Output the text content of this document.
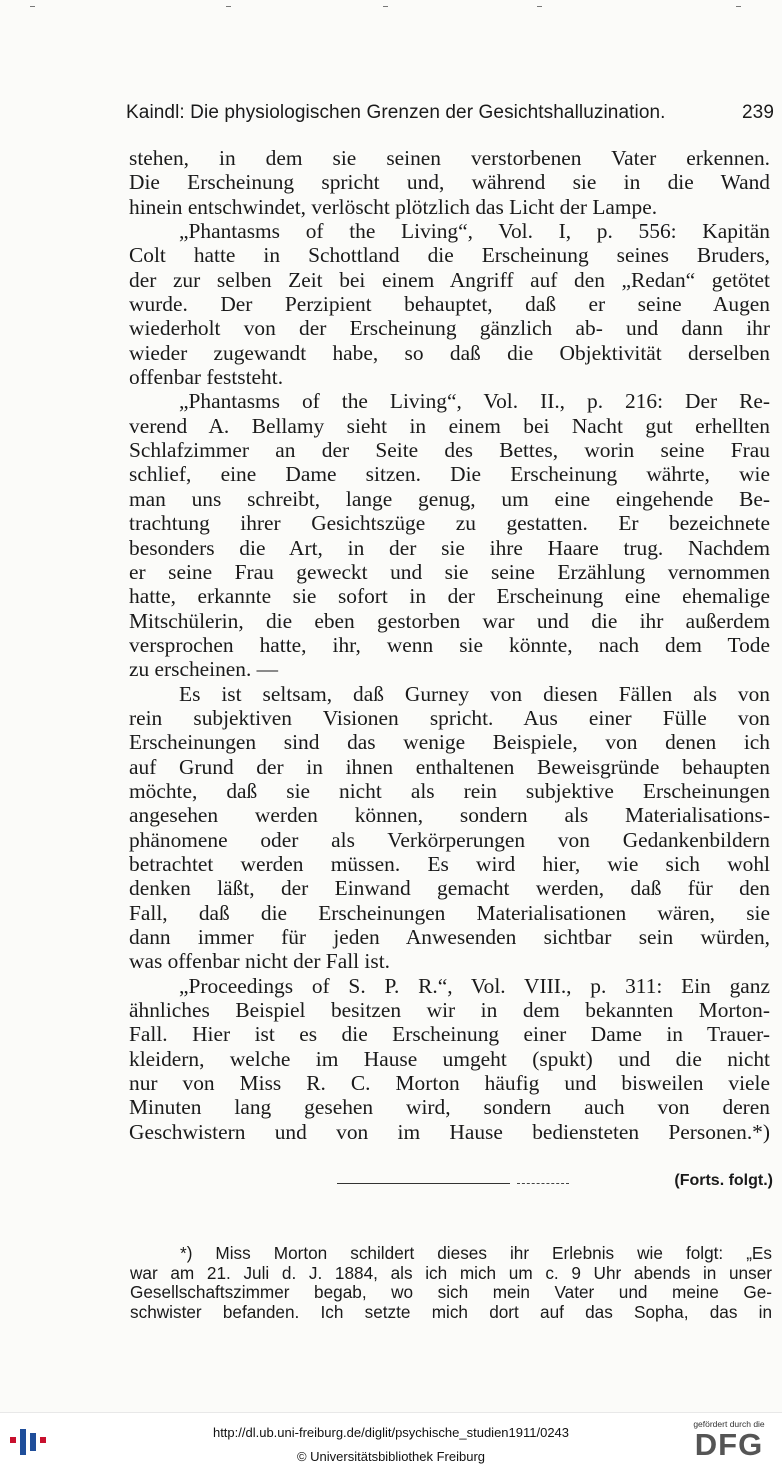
Kaindl: Die physiologischen Grenzen der Gesichtshalluzination.	239
stehen, in dem sie seinen verstorbenen Vater erkennen.
Die Erscheinung spricht und, während sie in die Wand
hinein entschwindet, verlöscht plötzlich das Licht der Lampe.
„Phantasms of the Living“, Vol. I, p. 556: Kapitän
Colt hatte in Schottland die Erscheinung seines Bruders,
der zur selben Zeit bei einem Angriff auf den „Redan“ getötet
wurde. Der Perzipient behauptet, daß er seine Augen
wiederholt von der Erscheinung gänzlich ab- und dann ihr
wieder zugewandt habe, so daß die Objektivität derselben
offenbar feststeht.
„Phantasms of the Living“, Vol. II., p. 216: Der Re-
verend A. Bellamy sieht in einem bei Nacht gut erhellten
Schlafzimmer an der Seite des Bettes, worin seine Frau
schlief, eine Dame sitzen. Die Erscheinung währte, wie
man uns schreibt, lange genug, um eine eingehende Be-
trachtung ihrer Gesichtszüge zu gestatten. Er bezeichnete
besonders die Art, in der sie ihre Haare trug. Nachdem
er seine Frau geweckt und sie seine Erzählung vernommen
hatte, erkannte sie sofort in der Erscheinung eine ehemalige
Mitschülerin, die eben gestorben war und die ihr außerdem
versprochen hatte, ihr, wenn sie könnte, nach dem Tode
zu erscheinen. —
Es ist seltsam, daß Gurney von diesen Fällen als von
rein subjektiven Visionen spricht. Aus einer Fülle von
Erscheinungen sind das wenige Beispiele, von denen ich
auf Grund der in ihnen enthaltenen Beweisgründe behaupten
möchte, daß sie nicht als rein subjektive Erscheinungen
angesehen werden können, sondern als Materialisations-
phänomene oder als Verkörperungen von Gedankenbildern
betrachtet werden müssen. Es wird hier, wie sich wohl
denken läßt, der Einwand gemacht werden, daß für den
Fall, daß die Erscheinungen Materialisationen wären, sie
dann immer für jeden Anwesenden sichtbar sein würden,
was offenbar nicht der Fall ist.
„Proceedings of S. P. R.“, Vol. VIII., p. 311: Ein ganz
ähnliches Beispiel besitzen wir in dem bekannten Morton-
Fall. Hier ist es die Erscheinung einer Dame in Trauer-
kleidern, welche im Hause umgeht (spukt) und die nicht
nur von Miss R. C. Morton häufig und bisweilen viele
Minuten lang gesehen wird, sondern auch von deren
Geschwistern und von im Hause bediensteten Personen.*)
(Forts. folgt.)
*) Miss Morton schildert dieses ihr Erlebnis wie folgt: „Es
war am 21. Juli d. J. 1884, als ich mich um c. 9 Uhr abends in unser
Gesellschaftszimmer begab, wo sich mein Vater und meine Ge-
schwister befanden. Ich setzte mich dort auf das Sopha, das in
http://dl.ub.uni-freiburg.de/diglit/psychische_studien1911/0243
© Universitätsbibliothek Freiburg
gefördert durch die
DFG
